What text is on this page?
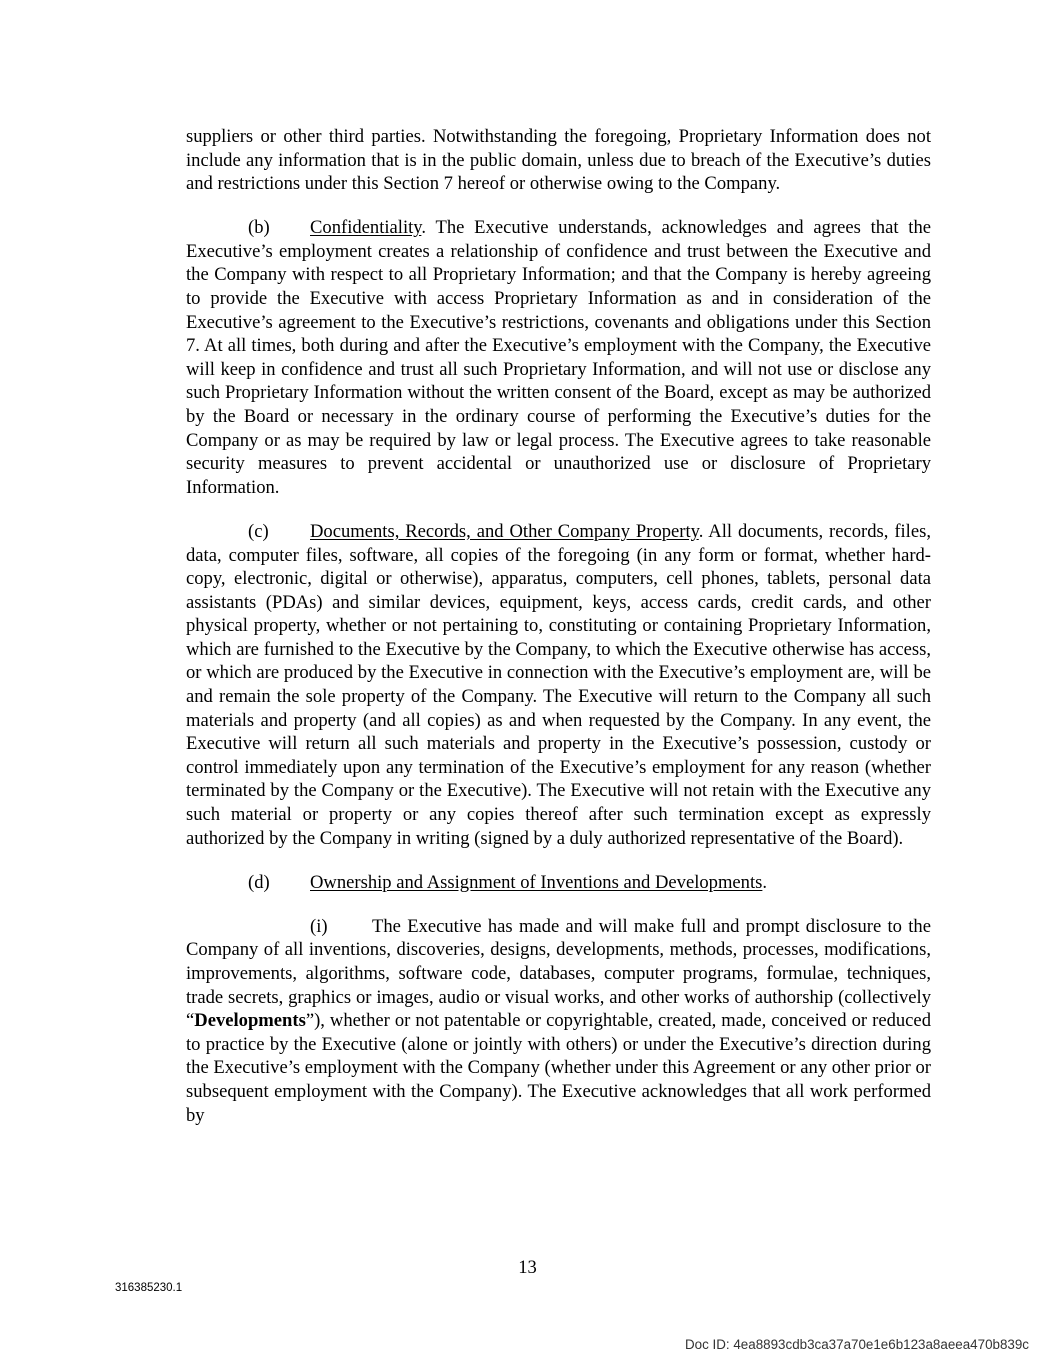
suppliers or other third parties. Notwithstanding the foregoing, Proprietary Information does not include any information that is in the public domain, unless due to breach of the Executive’s duties and restrictions under this Section 7 hereof or otherwise owing to the Company.

(b) Confidentiality. The Executive understands, acknowledges and agrees that the Executive’s employment creates a relationship of confidence and trust between the Executive and the Company with respect to all Proprietary Information; and that the Company is hereby agreeing to provide the Executive with access Proprietary Information as and in consideration of the Executive’s agreement to the Executive’s restrictions, covenants and obligations under this Section 7. At all times, both during and after the Executive’s employment with the Company, the Executive will keep in confidence and trust all such Proprietary Information, and will not use or disclose any such Proprietary Information without the written consent of the Board, except as may be authorized by the Board or necessary in the ordinary course of performing the Executive’s duties for the Company or as may be required by law or legal process. The Executive agrees to take reasonable security measures to prevent accidental or unauthorized use or disclosure of Proprietary Information.

(c) Documents, Records, and Other Company Property. All documents, records, files, data, computer files, software, all copies of the foregoing (in any form or format, whether hard-copy, electronic, digital or otherwise), apparatus, computers, cell phones, tablets, personal data assistants (PDAs) and similar devices, equipment, keys, access cards, credit cards, and other physical property, whether or not pertaining to, constituting or containing Proprietary Information, which are furnished to the Executive by the Company, to which the Executive otherwise has access, or which are produced by the Executive in connection with the Executive’s employment are, will be and remain the sole property of the Company. The Executive will return to the Company all such materials and property (and all copies) as and when requested by the Company. In any event, the Executive will return all such materials and property in the Executive’s possession, custody or control immediately upon any termination of the Executive’s employment for any reason (whether terminated by the Company or the Executive). The Executive will not retain with the Executive any such material or property or any copies thereof after such termination except as expressly authorized by the Company in writing (signed by a duly authorized representative of the Board).

(d) Ownership and Assignment of Inventions and Developments.

(i) The Executive has made and will make full and prompt disclosure to the Company of all inventions, discoveries, designs, developments, methods, processes, modifications, improvements, algorithms, software code, databases, computer programs, formulae, techniques, trade secrets, graphics or images, audio or visual works, and other works of authorship (collectively “Developments”), whether or not patentable or copyrightable, created, made, conceived or reduced to practice by the Executive (alone or jointly with others) or under the Executive’s direction during the Executive’s employment with the Company (whether under this Agreement or any other prior or subsequent employment with the Company). The Executive acknowledges that all work performed by

13
316385230.1
Doc ID: 4ea8893cdb3ca37a70e1e6b123a8aeea470b839c
